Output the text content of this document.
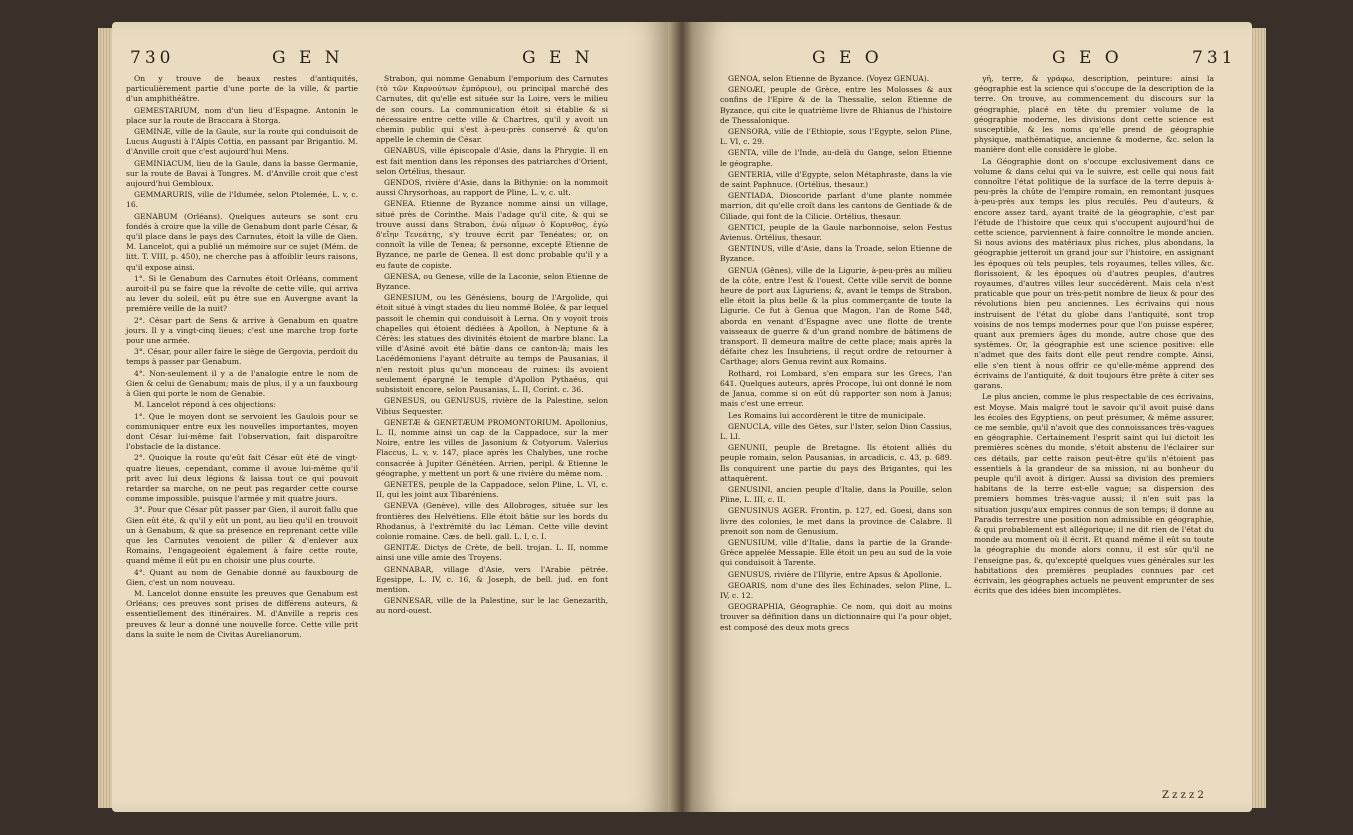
730	G E N	G E N

On y trouve de beaux restes d'antiquités, particulièrement partie d'une porte de la ville, & partie d'un amphithéâtre.

GEMESTARIUM, nom d'un lieu d'Espagne. Antonin le place sur la route de Braccara à Storga.

GEMINÆ, ville de la Gaule, sur la route qui conduisoit de Lucus Augusti à l'Alpis Cottia, en passant par Brigantio. M. d'Anville croit que c'est aujourd'hui Mens.

GEMINIACUM, lieu de la Gaule, dans la basse Germanie, sur la route de Bavai à Tongres. M. d'Anville croit que c'est aujourd'hui Gembloux.

GEMMARURIS, ville de l'Idumée, selon Ptolemée, L. v, c. 16.

GENABUM (Orléans). Quelques auteurs se sont cru fondés à croire que la ville de Genabum dont parle César, & qu'il place dans le pays des Carnutes, étoit la ville de Gien. M. Lancelot, qui a publié un mémoire sur ce sujet (Mém. de litt. T. VIII, p. 450), ne cherche pas à affoiblir leurs raisons, qu'il expose ainsi.

1°. Si le Genabum des Carnutes étoit Orléans, comment auroit-il pu se faire que la révolte de cette ville, qui arriva au lever du soleil, eût pu être sue en Auvergne avant la première veille de la nuit?

2°. César part de Sens & arrive à Genabum en quatre jours. Il y a vingt-cinq lieues; c'est une marche trop forte pour une armée.

3°. César, pour aller faire le siège de Gergovia, perdoit du temps à passer par Genabum.

4°. Non-seulement il y a de l'analogie entre le nom de Gien & celui de Genabum; mais de plus, il y a un fauxbourg à Gien qui porte le nom de Genabie.

M. Lancelot répond à ces objections:

1°. Que le moyen dont se servoient les Gaulois pour se communiquer entre eux les nouvelles importantes, moyen dont César lui-même fait l'observation, fait disparoître l'obstacle de la distance.

2°. Quoique la route qu'eût fait César eût été de vingt-quatre lieues, cependant, comme il avoue lui-même qu'il prit avec lui deux légions & laissa tout ce qui pouvoit retarder sa marche, on ne peut pas regarder cette course comme impossible, puisque l'armée y mit quatre jours.

3°. Pour que César pût passer par Gien, il auroit fallu que Gien eût été, & qu'il y eût un pont, au lieu qu'il en trouvoit un à Genabum, & que sa présence en reprenant cette ville que les Carnutes venoient de piller & d'enlever aux Romains, l'engageoient également à faire cette route, quand même il eût pu en choisir une plus courte.

4°. Quant au nom de Genabie donné au fauxbourg de Gien, c'est un nom nouveau.

M. Lancelot donne ensuite les preuves que Genabum est Orléans; ces preuves sont prises de différens auteurs, & essentiellement des itinéraires. M. d'Anville a repris ces preuves & leur a donné une nouvelle force. Cette ville prit dans la suite le nom de Civitas Aurelianorum.

Strabon, qui nomme Genabum l'emporium des Carnutes (τὸ τῶν Καρνούτων ἐμπόριον), ou principal marché des Carnutes, dit qu'elle est située sur la Loire, vers le milieu de son cours. La communication étoit si établie & si nécessaire entre cette ville & Chartres, qu'il y avoit un chemin public qui s'est à-peu-près conservé & qu'on appelle le chemin de César.

GENABUS, ville épiscopale d'Asie, dans la Phrygie. Il en est fait mention dans les réponses des patriarches d'Orient, selon Ortélius, thesaur.

GENDOS, rivière d'Asie, dans la Bithynie: on la nommoit aussi Chrysorhoas, au rapport de Pline, L. v, c. ult.

GENEA. Etienne de Byzance nomme ainsi un village, situé près de Corinthe. Mais l'adage qu'il cite, & qui se trouve aussi dans Strabon, ἐνὼ αἴμων ὁ Κορινθος, ἐγὼ δ'εἴην Τενεάτης, s'y trouve écrit par Tenéates; or, on connoît la ville de Tenea; & personne, excepté Etienne de Byzance, ne parle de Genea. Il est donc probable qu'il y a eu faute de copiste.

GENESA, ou Genese, ville de la Laconie, selon Etienne de Byzance.

GENESIUM, ou les Génésiens, bourg de l'Argolide, qui étoit situé à vingt stades du lieu nommé Bolée, & par lequel passoit le chemin qui conduisoit à Lerna. On y voyoit trois chapelles qui étoient dédiées à Apollon, à Neptune & à Cérès: les statues des divinités étoient de marbre blanc. La ville d'Asiné avoit été bâtie dans ce canton-là; mais les Lacédémoniens l'ayant détruite au temps de Pausanias, il n'en restoit plus qu'un monceau de ruines: ils avoient seulement épargné le temple d'Apollon Pythaéus, qui subsistoit encore, selon Pausanias, L. II, Corint. c. 36.

GENESUS, ou GENUSUS, rivière de la Palestine, selon Vibius Sequester.

GENETÆ & GENETÆUM PROMONTORIUM. Apollonius, L. II, nomme ainsi un cap de la Cappadoce, sur la mer Noire, entre les villes de Jasonium & Cotyorum. Valerius Flaccus, L. v, v. 147, place après les Chalybes, une roche consacrée à Jupiter Génétéen. Arrien, peripl. & Etienne le géographe, y mettent un port & une rivière du même nom.

GENETES, peuple de la Cappadoce, selon Pline, L. VI, c. II, qui les joint aux Tibaréniens.

GENEVA (Genève), ville des Allobroges, située sur les frontières des Helvétiens. Elle étoit bâtie sur les bords du Rhodanus, à l'extrémité du lac Léman. Cette ville devint colonie romaine. Cæs. de bell. gall. L. I, c. I.

GENITÆ. Dictys de Crète, de bell. trojan. L. II, nomme ainsi une ville amie des Troyens.

GENNABAR, village d'Asie, vers l'Arabie pétrée. Egesippe, L. IV, c. 16, & Joseph, de bell. jud. en font mention.

GENNESAR, ville de la Palestine, sur le lac Genezarith, au nord-ouest.

G E O	G E O	731

GENOA, selon Etienne de Byzance. (Voyez GENUA).

GENOÆI, peuple de Grèce, entre les Molosses & aux confins de l'Epire & de la Thessalie, selon Etienne de Byzance, qui cite le quatrième livre de Rhianus de l'histoire de Thessalonique.

GENSORA, ville de l'Ethiopie, sous l'Egypte, selon Pline, L. VI, c. 29.

GENTA, ville de l'Inde, au-delà du Gange, selon Etienne le géographe.

GENTERIA, ville d'Egypte, selon Métaphraste, dans la vie de saint Paphnuce. (Ortélius, thesaur.)

GENTIADA. Dioscoride parlant d'une plante nommée marrion, dit qu'elle croît dans les cantons de Gentiade & de Ciliade, qui font de la Cilicie. Ortélius, thesaur.

GENTICI, peuple de la Gaule narbonnoise, selon Festus Avienus. Ortélius, thesaur.

GENTINUS, ville d'Asie, dans la Troade, selon Etienne de Byzance.

GENUA (Gênes), ville de la Ligurie, à-peu-près au milieu de la côte, entre l'est & l'ouest. Cette ville servit de bonne heure de port aux Liguriens; &, avant le temps de Strabon, elle étoit la plus belle & la plus commerçante de toute la Ligurie. Ce fut à Genua que Magon, l'an de Rome 548, aborda en venant d'Espagne avec une flotte de trente vaisseaux de guerre & d'un grand nombre de bâtimens de transport. Il demeura maître de cette place; mais après la défaite chez les Insubriens, il reçut ordre de retourner à Carthage; alors Genua revint aux Romains.

Rothard, roi Lombard, s'en empara sur les Grecs, l'an 641. Quelques auteurs, après Procope, lui ont donné le nom de Janua, comme si on eût dû rapporter son nom à Janus; mais c'est une erreur.

Les Romains lui accordèrent le titre de municipale.

GENUCLA, ville des Gètes, sur l'Ister, selon Dion Cassius, L. LI.

GENUNII, peuple de Bretagne. Ils étoient alliés du peuple romain, selon Pausanias, in arcadicis, c. 43, p. 689. Ils conquirent une partie du pays des Brigantes, qui les attaquèrent.

GENUSINI, ancien peuple d'Italie, dans la Pouille, selon Pline, L. III, c. II.

GENUSINUS AGER. Frontin, p. 127, ed. Goesi, dans son livre des colonies, le met dans la province de Calabre. Il prenoit son nom de Genusium.

GENUSIUM, ville d'Italie, dans la partie de la Grande-Grèce appelée Messapie. Elle étoit un peu au sud de la voie qui conduisoit à Tarente.

GENUSUS, rivière de l'Illyrie, entre Apsus & Apollonie.

GEOARIS, nom d'une des îles Echinades, selon Pline, L. IV, c. 12.

GEOGRAPHIA, Géographie. Ce nom, qui doit au moins trouver sa définition dans un dictionnaire qui l'a pour objet, est composé des deux mots grecs

γῆ, terre, & γράφω, description, peinture: ainsi la géographie est la science qui s'occupe de la description de la terre. On trouve, au commencement du discours sur la géographie, placé en tête du premier volume de la géographie moderne, les divisions dont cette science est susceptible, & les noms qu'elle prend de géographie physique, mathématique, ancienne & moderne, &c. selon la manière dont elle considère le globe.

La Géographie dont on s'occupe exclusivement dans ce volume & dans celui qui va le suivre, est celle qui nous fait connoître l'état politique de la surface de la terre depuis à-peu-près la chûte de l'empire romain, en remontant jusques à-peu-près aux temps les plus reculés. Peu d'auteurs, & encore assez tard, ayant traité de la géographie, c'est par l'étude de l'histoire que ceux qui s'occupent aujourd'hui de cette science, parviennent à faire connoître le monde ancien. Si nous avions des matériaux plus riches, plus abondans, la géographie jetteroit un grand jour sur l'histoire, en assignant les époques où tels peuples, tels royaumes, telles villes, &c. florissoient, & les époques où d'autres peuples, d'autres royaumes, d'autres villes leur succédèrent. Mais cela n'est praticable que pour un très-petit nombre de lieux & pour des révolutions bien peu anciennes. Les écrivains qui nous instruisent de l'état du globe dans l'antiquité, sont trop voisins de nos temps modernes pour que l'on puisse espérer, quant aux premiers âges du monde, autre chose que des systèmes. Or, la géographie est une science positive: elle n'admet que des faits dont elle peut rendre compte. Ainsi, elle s'en tient à nous offrir ce qu'elle-même apprend des écrivains de l'antiquité, & doit toujours être prête à citer ses garans.

Le plus ancien, comme le plus respectable de ces écrivains, est Moyse. Mais malgré tout le savoir qu'il avoit puisé dans les écoles des Egyptiens, on peut présumer, & même assurer, ce me semble, qu'il n'avoit que des connoissances très-vagues en géographie. Certainement l'esprit saint qui lui dictoit les premières scènes du monde, s'étoit abstenu de l'éclairer sur ces détails, par cette raison peut-être qu'ils n'étoient pas essentiels à la grandeur de sa mission, ni au bonheur du peuple qu'il avoit à diriger. Aussi sa division des premiers habitans de la terre est-elle vague; sa dispersion des premiers hommes très-vague aussi; il n'en suit pas la situation jusqu'aux empires connus de son temps; il donne au Paradis terrestre une position non admissible en géographie, & qui probablement est allégorique; il ne dit rien de l'état du monde au moment où il écrit. Et quand même il eût su toute la géographie du monde alors connu, il est sûr qu'il ne l'enseigne pas, &, qu'excepté quelques vues générales sur les habitations des premières peuplades connues par cet écrivain, les géographes actuels ne peuvent emprunter de ses écrits que des idées bien incomplètes.

Z z z z 2
